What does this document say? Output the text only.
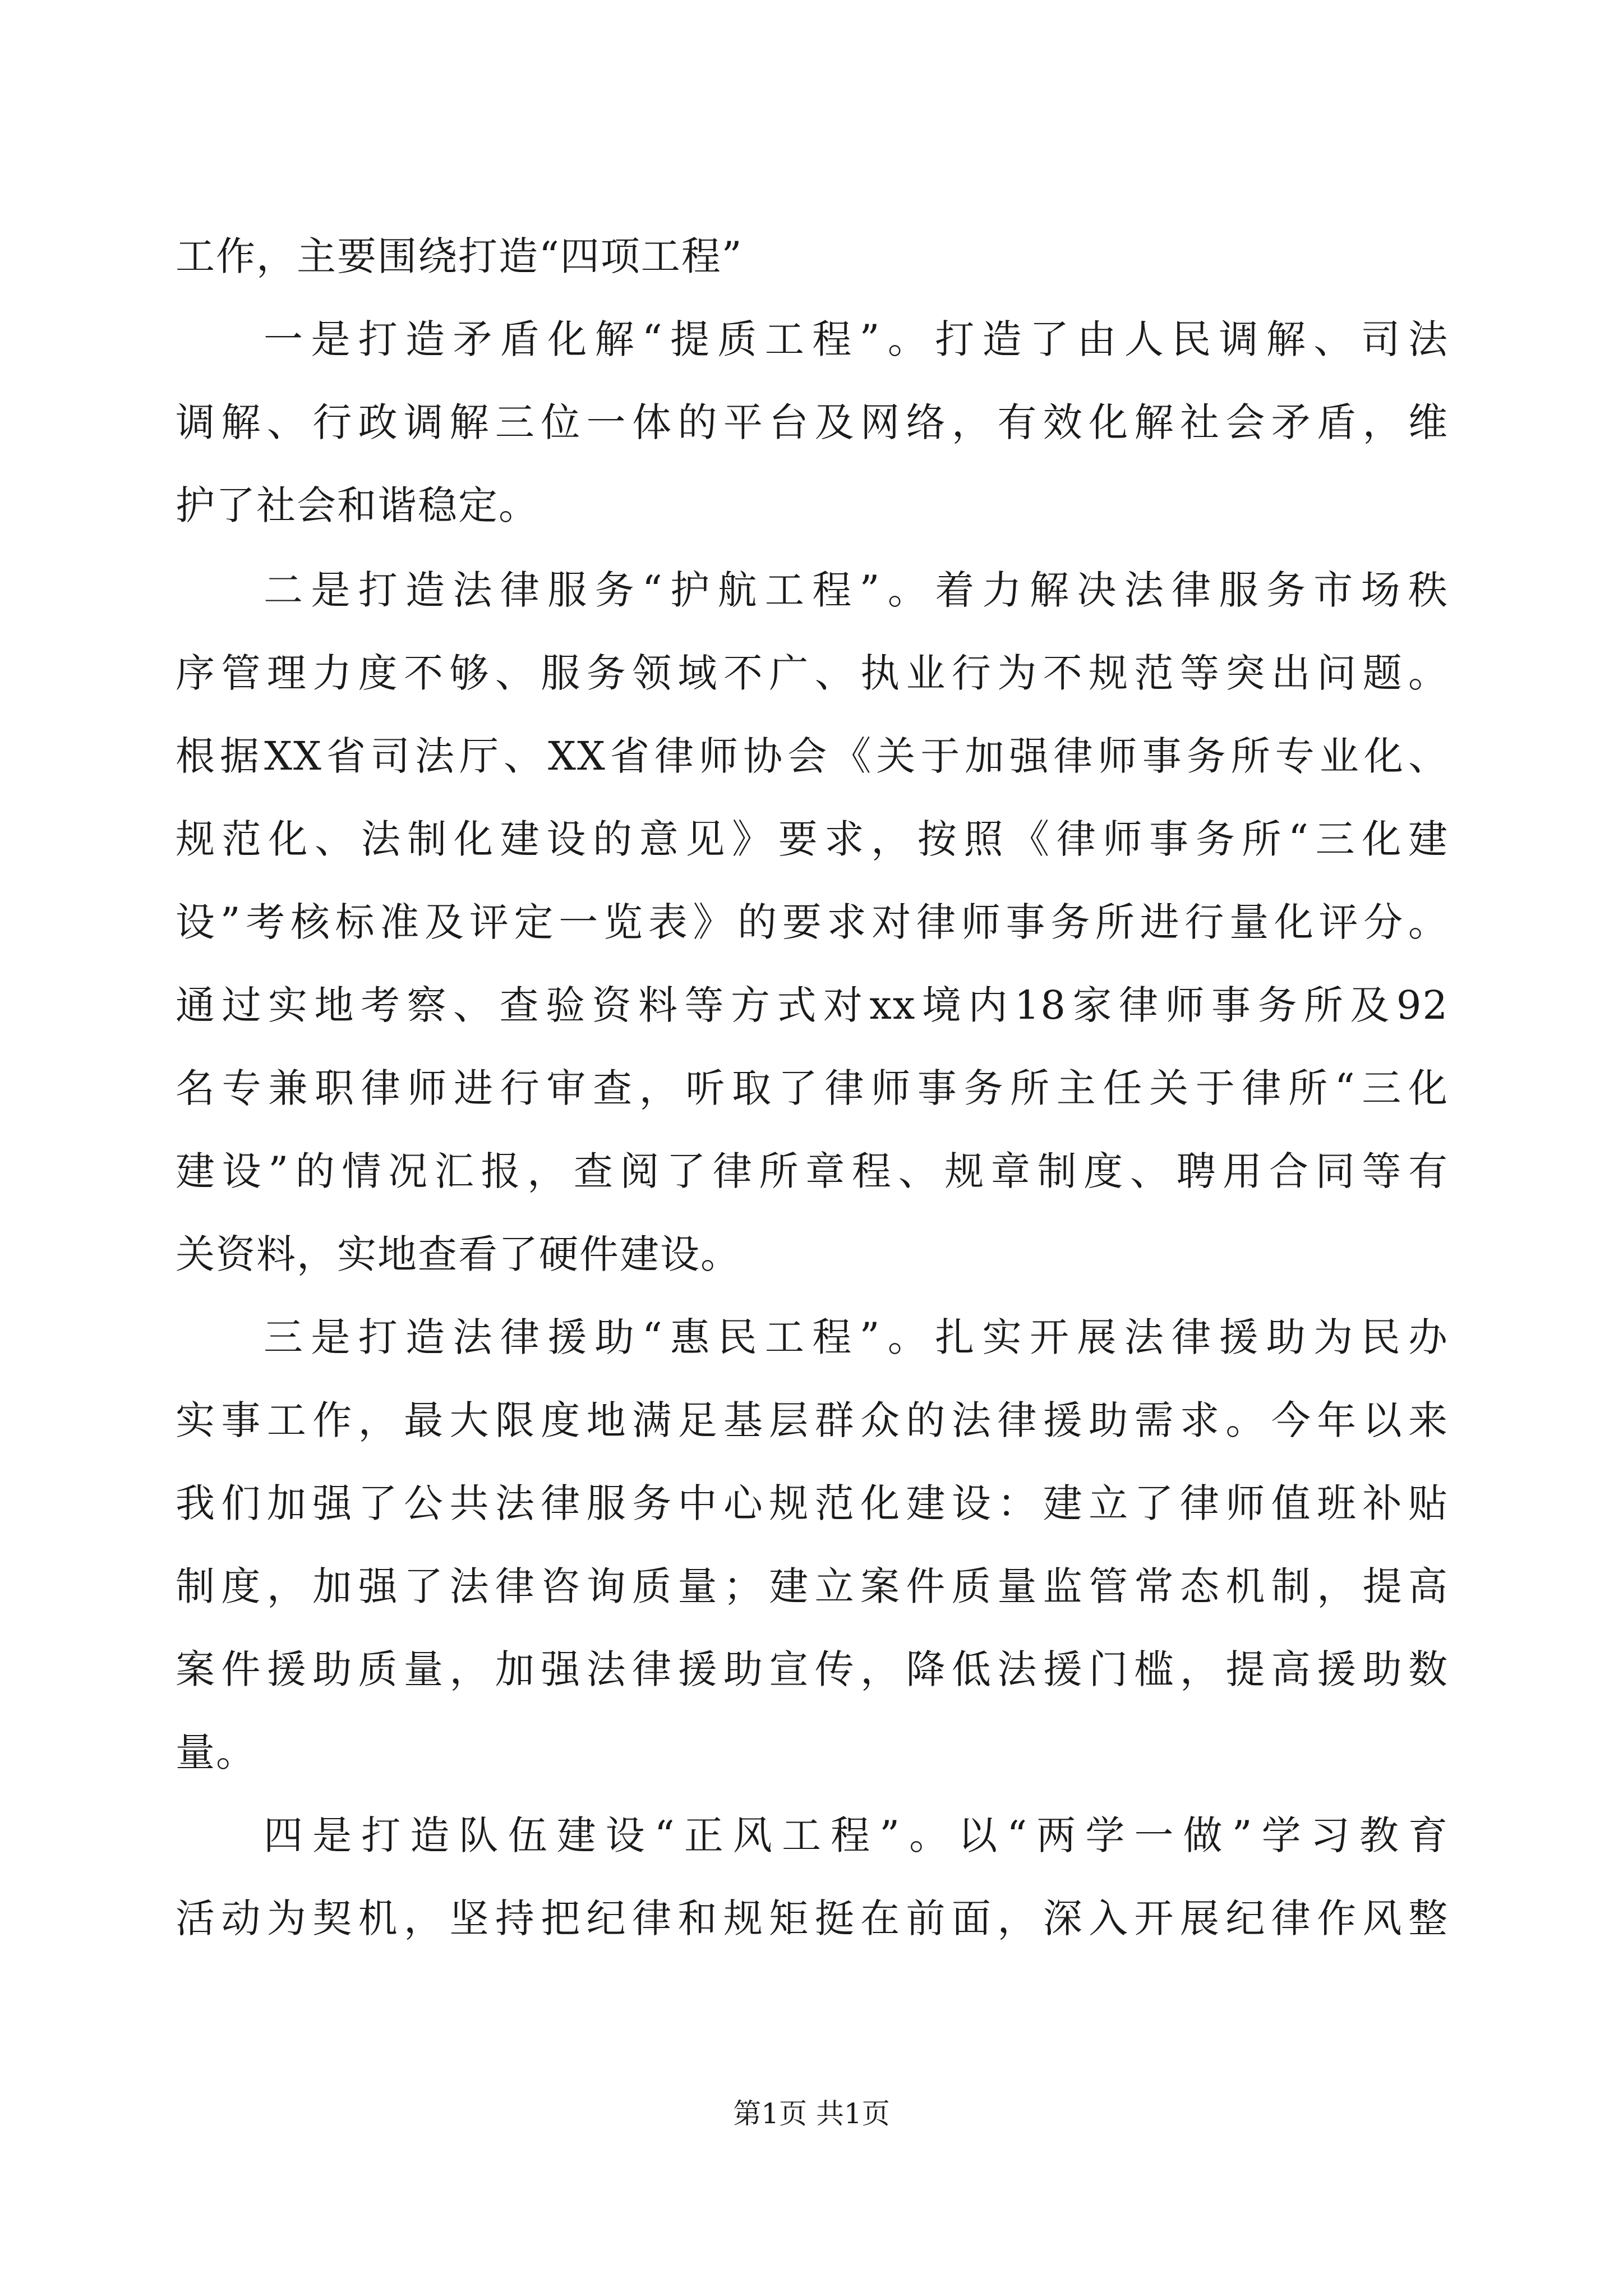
工作，主要围绕打造“四项工程”
一是打造矛盾化解“提质工程”。打造了由人民调解、司法
调解、行政调解三位一体的平台及网络，有效化解社会矛盾，维
护了社会和谐稳定。
二是打造法律服务“护航工程”。着力解决法律服务市场秩
序管理力度不够、服务领域不广、执业行为不规范等突出问题。
根据XX省司法厅、XX省律师协会《关于加强律师事务所专业化、
规范化、法制化建设的意见》要求，按照《律师事务所“三化建
设”考核标准及评定一览表》的要求对律师事务所进行量化评分。
通过实地考察、查验资料等方式对xx境内18家律师事务所及92
名专兼职律师进行审查，听取了律师事务所主任关于律所“三化
建设”的情况汇报，查阅了律所章程、规章制度、聘用合同等有
关资料，实地查看了硬件建设。
三是打造法律援助“惠民工程”。扎实开展法律援助为民办
实事工作，最大限度地满足基层群众的法律援助需求。今年以来
我们加强了公共法律服务中心规范化建设：建立了律师值班补贴
制度，加强了法律咨询质量；建立案件质量监管常态机制，提高
案件援助质量，加强法律援助宣传，降低法援门槛，提高援助数
量。
四是打造队伍建设“正风工程”。以“两学一做”学习教育
活动为契机，坚持把纪律和规矩挺在前面，深入开展纪律作风整
第1页 共1页
